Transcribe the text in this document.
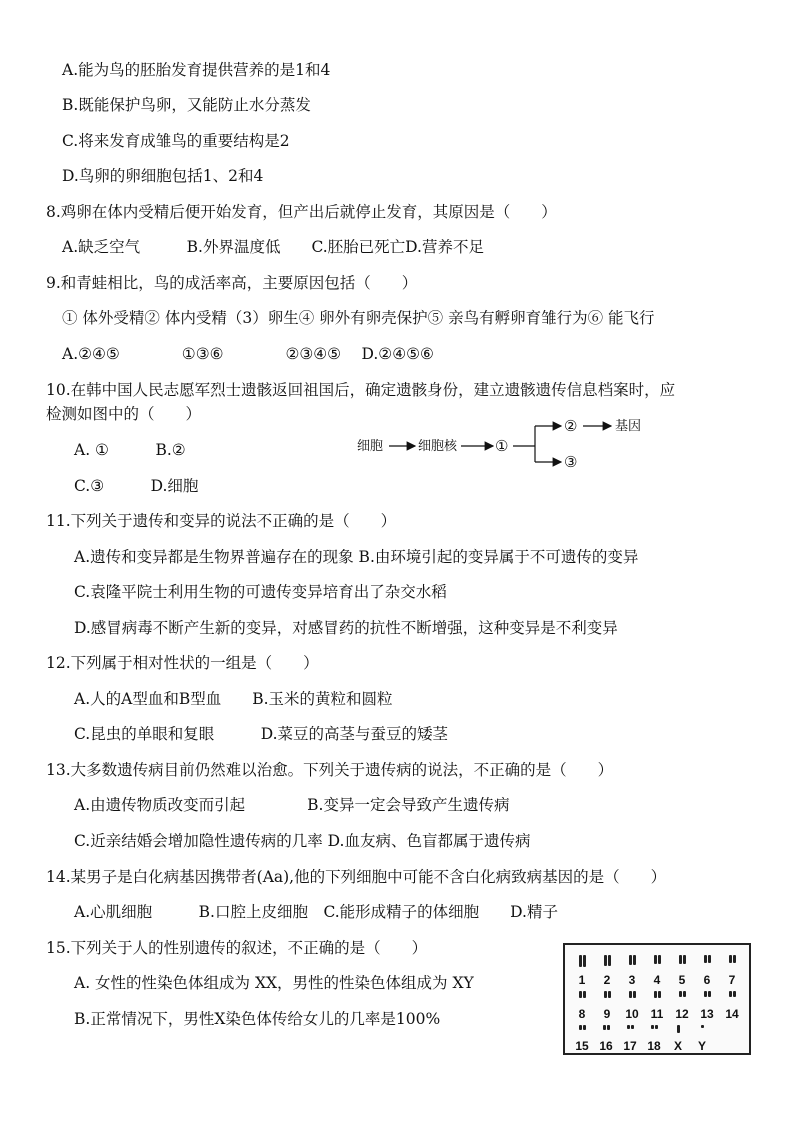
A.能为鸟的胚胎发育提供营养的是1和4
B.既能保护鸟卵，又能防止水分蒸发
C.将来发育成雏鸟的重要结构是2
D.鸟卵的卵细胞包括1、2和4
8.鸡卵在体内受精后便开始发育，但产出后就停止发育，其原因是（　　）
A.缺乏空气　　　B.外界温度低　　C.胚胎已死亡D.营养不足
9.和青蛙相比，鸟的成活率高，主要原因包括（　　）
① 体外受精② 体内受精（3）卵生④ 卵外有卵壳保护⑤ 亲鸟有孵卵育雏行为⑥ 能飞行
A.②④⑤　　　　①③⑥　　　　②③④⑤　 D.②④⑤⑥
10.在韩中国人民志愿军烈士遗骸返回祖国后，确定遗骸身份，建立遗骸遗传信息档案时，应
检测如图中的（　　）
A. ①　　　B.②
C.③　　　D.细胞
细胞	细胞核	①
②	基因
③
11.下列关于遗传和变异的说法不正确的是（　　）
A.遗传和变异都是生物界普遍存在的现象 B.由环境引起的变异属于不可遗传的变异
C.袁隆平院士利用生物的可遗传变异培育出了杂交水稻
D.感冒病毒不断产生新的变异，对感冒药的抗性不断增强，这种变异是不利变异
12.下列属于相对性状的一组是（　　）
A.人的A型血和B型血　　B.玉米的黄粒和圆粒
C.昆虫的单眼和复眼　　　D.菜豆的高茎与蚕豆的矮茎
13.大多数遗传病目前仍然难以治愈。下列关于遗传病的说法，不正确的是（　　）
A.由遗传物质改变而引起　　　　B.变异一定会导致产生遗传病
C.近亲结婚会增加隐性遗传病的几率 D.血友病、色盲都属于遗传病
14.某男子是白化病基因携带者(Aa),他的下列细胞中可能不含白化病致病基因的是（　　）
A.心肌细胞　　　B.口腔上皮细胞　C.能形成精子的体细胞　　D.精子
15.下列关于人的性别遗传的叙述，不正确的是（　　）
A. 女性的性染色体组成为 XX，男性的性染色体组成为 XY
B.正常情况下，男性X染色体传给女儿的几率是100%
1	2	3	4	5	6	7
8	9	10 11 12 13 14
15 16 17 18	X	Y
